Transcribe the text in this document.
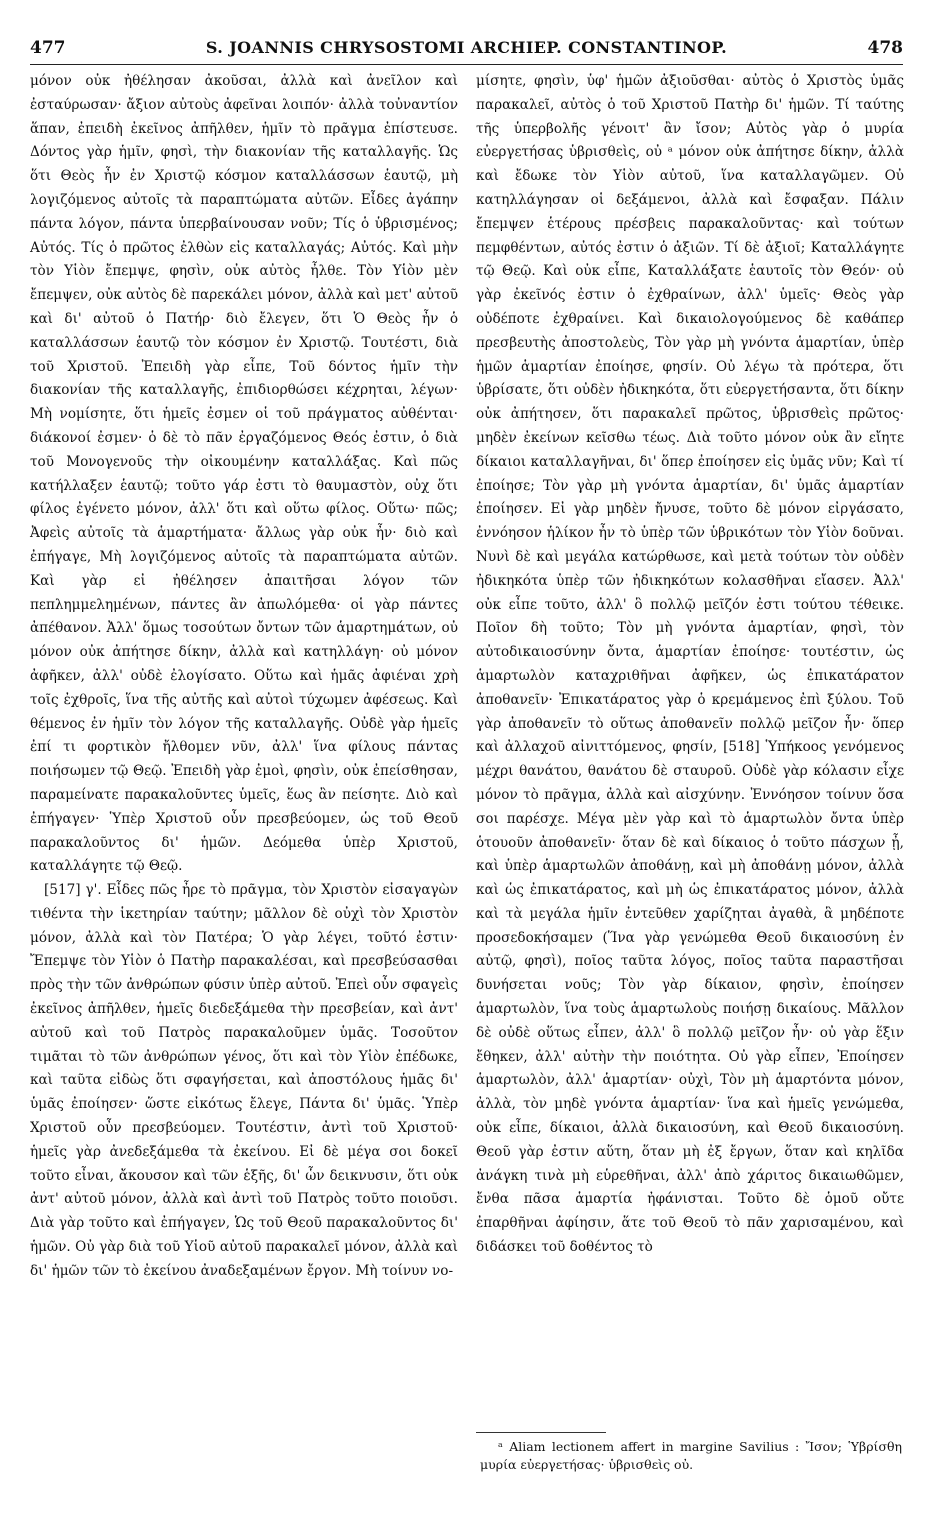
477	S. JOANNIS CHRYSOSTOMI ARCHIEP. CONSTANTINOP.	478

μόνον οὐκ ἠθέλησαν ἀκοῦσαι, ἀλλὰ καὶ ἀνεῖλον καὶ ἐσταύρωσαν· ἄξιον αὐτοὺς ἀφεῖναι λοιπόν· ἀλλὰ τοὐναντίον ἅπαν, ἐπειδὴ ἐκεῖνος ἀπῆλθεν, ἡμῖν τὸ πρᾶγμα ἐπίστευσε. Δόντος γὰρ ἡμῖν, φησὶ, τὴν διακονίαν τῆς καταλλαγῆς. Ὡς ὅτι Θεὸς ἦν ἐν Χριστῷ κόσμον καταλλάσσων ἑαυτῷ, μὴ λογιζόμενος αὐτοῖς τὰ παραπτώματα αὐτῶν. Εἶδες ἀγάπην πάντα λόγον, πάντα ὑπερβαίνουσαν νοῦν; Τίς ὁ ὑβρισμένος; Αὐτός. Τίς ὁ πρῶτος ἐλθὼν εἰς καταλλαγάς; Αὐτός. Καὶ μὴν τὸν Υἱὸν ἔπεμψε, φησὶν, οὐκ αὐτὸς ἦλθε. Τὸν Υἱὸν μὲν ἔπεμψεν, οὐκ αὐτὸς δὲ παρεκάλει μόνον, ἀλλὰ καὶ μετ' αὐτοῦ καὶ δι' αὐτοῦ ὁ Πατήρ· διὸ ἔλεγεν, ὅτι Ὁ Θεὸς ἦν ὁ καταλλάσσων ἑαυτῷ τὸν κόσμον ἐν Χριστῷ. Τουτέστι, διὰ τοῦ Χριστοῦ. Ἐπειδὴ γὰρ εἶπε, Τοῦ δόντος ἡμῖν τὴν διακονίαν τῆς καταλλαγῆς, ἐπιδιορθώσει κέχρηται, λέγων· Μὴ νομίσητε, ὅτι ἡμεῖς ἐσμεν οἱ τοῦ πράγματος αὐθένται· διάκονοί ἐσμεν· ὁ δὲ τὸ πᾶν ἐργαζόμενος Θεός ἐστιν, ὁ διὰ τοῦ Μονογενοῦς τὴν οἰκουμένην καταλλάξας. Καὶ πῶς κατήλλαξεν ἑαυτῷ; τοῦτο γάρ ἐστι τὸ θαυμαστὸν, οὐχ ὅτι φίλος ἐγένετο μόνον, ἀλλ' ὅτι καὶ οὕτω φίλος. Οὕτω· πῶς; Ἀφεὶς αὐτοῖς τὰ ἁμαρτήματα· ἄλλως γὰρ οὐκ ἦν· διὸ καὶ ἐπήγαγε, Μὴ λογιζόμενος αὐτοῖς τὰ παραπτώματα αὐτῶν. Καὶ γὰρ εἰ ἠθέλησεν ἀπαιτῆσαι λόγον τῶν πεπλημμελημένων, πάντες ἂν ἀπωλόμεθα· οἱ γὰρ πάντες ἀπέθανον. Ἀλλ' ὅμως τοσούτων ὄντων τῶν ἁμαρτημάτων, οὐ μόνον οὐκ ἀπήτησε δίκην, ἀλλὰ καὶ κατηλλάγη· οὐ μόνον ἀφῆκεν, ἀλλ' οὐδὲ ἐλογίσατο. Οὕτω καὶ ἡμᾶς ἀφιέναι χρὴ τοῖς ἐχθροῖς, ἵνα τῆς αὐτῆς καὶ αὐτοὶ τύχωμεν ἀφέσεως. Καὶ θέμενος ἐν ἡμῖν τὸν λόγον τῆς καταλλαγῆς. Οὐδὲ γὰρ ἡμεῖς ἐπί τι φορτικὸν ἤλθομεν νῦν, ἀλλ' ἵνα φίλους πάντας ποιήσωμεν τῷ Θεῷ. Ἐπειδὴ γὰρ ἐμοὶ, φησὶν, οὐκ ἐπείσθησαν, παραμείνατε παρακαλοῦντες ὑμεῖς, ἕως ἂν πείσητε. Διὸ καὶ ἐπήγαγεν· Ὑπὲρ Χριστοῦ οὖν πρεσβεύομεν, ὡς τοῦ Θεοῦ παρακαλοῦντος δι' ἡμῶν. Δεόμεθα ὑπὲρ Χριστοῦ, καταλλάγητε τῷ Θεῷ.

[517] γ'. Εἶδες πῶς ἦρε τὸ πρᾶγμα, τὸν Χριστὸν εἰσαγαγὼν τιθέντα τὴν ἱκετηρίαν ταύτην; μᾶλλον δὲ οὐχὶ τὸν Χριστὸν μόνον, ἀλλὰ καὶ τὸν Πατέρα; Ὁ γὰρ λέγει, τοῦτό ἐστιν· Ἔπεμψε τὸν Υἱὸν ὁ Πατὴρ παρακαλέσαι, καὶ πρεσβεύσασθαι πρὸς τὴν τῶν ἀνθρώπων φύσιν ὑπὲρ αὐτοῦ. Ἐπεὶ οὖν σφαγεὶς ἐκεῖνος ἀπῆλθεν, ἡμεῖς διεδεξάμεθα τὴν πρεσβείαν, καὶ ἀντ' αὐτοῦ καὶ τοῦ Πατρὸς παρακαλοῦμεν ὑμᾶς. Τοσοῦτον τιμᾶται τὸ τῶν ἀνθρώπων γένος, ὅτι καὶ τὸν Υἱὸν ἐπέδωκε, καὶ ταῦτα εἰδὼς ὅτι σφαγήσεται, καὶ ἀποστόλους ἡμᾶς δι' ὑμᾶς ἐποίησεν· ὥστε εἰκότως ἔλεγε, Πάντα δι' ὑμᾶς. Ὑπὲρ Χριστοῦ οὖν πρεσβεύομεν. Τουτέστιν, ἀντὶ τοῦ Χριστοῦ· ἡμεῖς γὰρ ἀνεδεξάμεθα τὰ ἐκείνου. Εἰ δὲ μέγα σοι δοκεῖ τοῦτο εἶναι, ἄκουσον καὶ τῶν ἑξῆς, δι' ὧν δεικνυσιν, ὅτι οὐκ ἀντ' αὐτοῦ μόνον, ἀλλὰ καὶ ἀντὶ τοῦ Πατρὸς τοῦτο ποιοῦσι. Διὰ γὰρ τοῦτο καὶ ἐπήγαγεν, Ὡς τοῦ Θεοῦ παρακαλοῦντος δι' ἡμῶν. Οὐ γὰρ διὰ τοῦ Υἱοῦ αὐτοῦ παρακαλεῖ μόνον, ἀλλὰ καὶ δι' ἡμῶν τῶν τὸ ἐκείνου ἀναδεξαμένων ἔργον. Μὴ τοίνυν νο-

μίσητε, φησὶν, ὑφ' ἡμῶν ἀξιοῦσθαι· αὐτὸς ὁ Χριστὸς ὑμᾶς παρακαλεῖ, αὐτὸς ὁ τοῦ Χριστοῦ Πατὴρ δι' ἡμῶν. Τί ταύτης τῆς ὑπερβολῆς γένοιτ' ἂν ἴσον; Αὐτὸς γὰρ ὁ μυρία εὐεργετήσας ὑβρισθεὶς, οὐ ᵃ μόνον οὐκ ἀπήτησε δίκην, ἀλλὰ καὶ ἔδωκε τὸν Υἱὸν αὐτοῦ, ἵνα καταλλαγῶμεν. Οὐ κατηλλάγησαν οἱ δεξάμενοι, ἀλλὰ καὶ ἔσφαξαν. Πάλιν ἔπεμψεν ἑτέρους πρέσβεις παρακαλοῦντας· καὶ τούτων πεμφθέντων, αὐτός ἐστιν ὁ ἀξιῶν. Τί δὲ ἀξιοῖ; Καταλλάγητε τῷ Θεῷ. Καὶ οὐκ εἶπε, Καταλλάξατε ἑαυτοῖς τὸν Θεόν· οὐ γὰρ ἐκεῖνός ἐστιν ὁ ἐχθραίνων, ἀλλ' ὑμεῖς· Θεὸς γὰρ οὐδέποτε ἐχθραίνει. Καὶ δικαιολογούμενος δὲ καθάπερ πρεσβευτὴς ἀποστολεὺς, Τὸν γὰρ μὴ γνόντα ἁμαρτίαν, ὑπὲρ ἡμῶν ἁμαρτίαν ἐποίησε, φησίν. Οὐ λέγω τὰ πρότερα, ὅτι ὑβρίσατε, ὅτι οὐδὲν ἠδικηκότα, ὅτι εὐεργετήσαντα, ὅτι δίκην οὐκ ἀπήτησεν, ὅτι παρακαλεῖ πρῶτος, ὑβρισθεὶς πρῶτος· μηδὲν ἐκείνων κεῖσθω τέως. Διὰ τοῦτο μόνον οὐκ ἂν εἴητε δίκαιοι καταλλαγῆναι, δι' ὅπερ ἐποίησεν εἰς ὑμᾶς νῦν; Καὶ τί ἐποίησε; Τὸν γὰρ μὴ γνόντα ἁμαρτίαν, δι' ὑμᾶς ἁμαρτίαν ἐποίησεν. Εἰ γὰρ μηδὲν ἤνυσε, τοῦτο δὲ μόνον εἰργάσατο, ἐννόησον ἡλίκον ἦν τὸ ὑπὲρ τῶν ὑβρικότων τὸν Υἱὸν δοῦναι. Νυνὶ δὲ καὶ μεγάλα κατώρθωσε, καὶ μετὰ τούτων τὸν οὐδὲν ἠδικηκότα ὑπὲρ τῶν ἠδικηκότων κολασθῆναι εἴασεν. Ἀλλ' οὐκ εἶπε τοῦτο, ἀλλ' ὃ πολλῷ μεῖζόν ἐστι τούτου τέθεικε. Ποῖον δὴ τοῦτο; Τὸν μὴ γνόντα ἁμαρτίαν, φησὶ, τὸν αὐτοδικαιοσύνην ὄντα, ἁμαρτίαν ἐποίησε· τουτέστιν, ὡς ἁμαρτωλὸν καταχριθῆναι ἀφῆκεν, ὡς ἐπικατάρατον ἀποθανεῖν· Ἐπικατάρατος γὰρ ὁ κρεμάμενος ἐπὶ ξύλου. Τοῦ γὰρ ἀποθανεῖν τὸ οὕτως ἀποθανεῖν πολλῷ μεῖζον ἦν· ὅπερ καὶ ἀλλαχοῦ αἰνιττόμενος, φησίν, [518] Ὑπήκοος γενόμενος μέχρι θανάτου, θανάτου δὲ σταυροῦ. Οὐδὲ γὰρ κόλασιν εἶχε μόνον τὸ πρᾶγμα, ἀλλὰ καὶ αἰσχύνην. Ἐννόησον τοίνυν ὅσα σοι παρέσχε. Μέγα μὲν γὰρ καὶ τὸ ἁμαρτωλὸν ὄντα ὑπὲρ ὁτουοῦν ἀποθανεῖν· ὅταν δὲ καὶ δίκαιος ὁ τοῦτο πάσχων ᾖ, καὶ ὑπὲρ ἁμαρτωλῶν ἀποθάνῃ, καὶ μὴ ἀποθάνῃ μόνον, ἀλλὰ καὶ ὡς ἐπικατάρατος, καὶ μὴ ὡς ἐπικατάρατος μόνον, ἀλλὰ καὶ τὰ μεγάλα ἡμῖν ἐντεῦθεν χαρίζηται ἀγαθὰ, ἃ μηδέποτε προσεδοκήσαμεν (Ἵνα γὰρ γενώμεθα Θεοῦ δικαιοσύνη ἐν αὐτῷ, φησὶ), ποῖος ταῦτα λόγος, ποῖος ταῦτα παραστῆσαι δυνήσεται νοῦς; Τὸν γὰρ δίκαιον, φησὶν, ἐποίησεν ἁμαρτωλὸν, ἵνα τοὺς ἁμαρτωλοὺς ποιήσῃ δικαίους. Μᾶλλον δὲ οὐδὲ οὕτως εἶπεν, ἀλλ' ὃ πολλῷ μεῖζον ἦν· οὐ γὰρ ἕξιν ἔθηκεν, ἀλλ' αὐτὴν τὴν ποιότητα. Οὐ γὰρ εἶπεν, Ἐποίησεν ἁμαρτωλὸν, ἀλλ' ἁμαρτίαν· οὐχὶ, Τὸν μὴ ἁμαρτόντα μόνον, ἀλλὰ, τὸν μηδὲ γνόντα ἁμαρτίαν· ἵνα καὶ ἡμεῖς γενώμεθα, οὐκ εἶπε, δίκαιοι, ἀλλὰ δικαιοσύνη, καὶ Θεοῦ δικαιοσύνη. Θεοῦ γὰρ ἐστιν αὕτη, ὅταν μὴ ἐξ ἔργων, ὅταν καὶ κηλῖδα ἀνάγκη τινὰ μὴ εὑρεθῆναι, ἀλλ' ἀπὸ χάριτος δικαιωθῶμεν, ἔνθα πᾶσα ἁμαρτία ἠφάνισται. Τοῦτο δὲ ὁμοῦ οὔτε ἐπαρθῆναι ἀφίησιν, ἅτε τοῦ Θεοῦ τὸ πᾶν χαρισαμένου, καὶ διδάσκει τοῦ δοθέντος τὸ

ᵃ Aliam lectionem affert in margine Savilius : Ἴσον; Ὑβρίσθη μυρία εὐεργετήσας· ὑβρισθεὶς οὐ.
